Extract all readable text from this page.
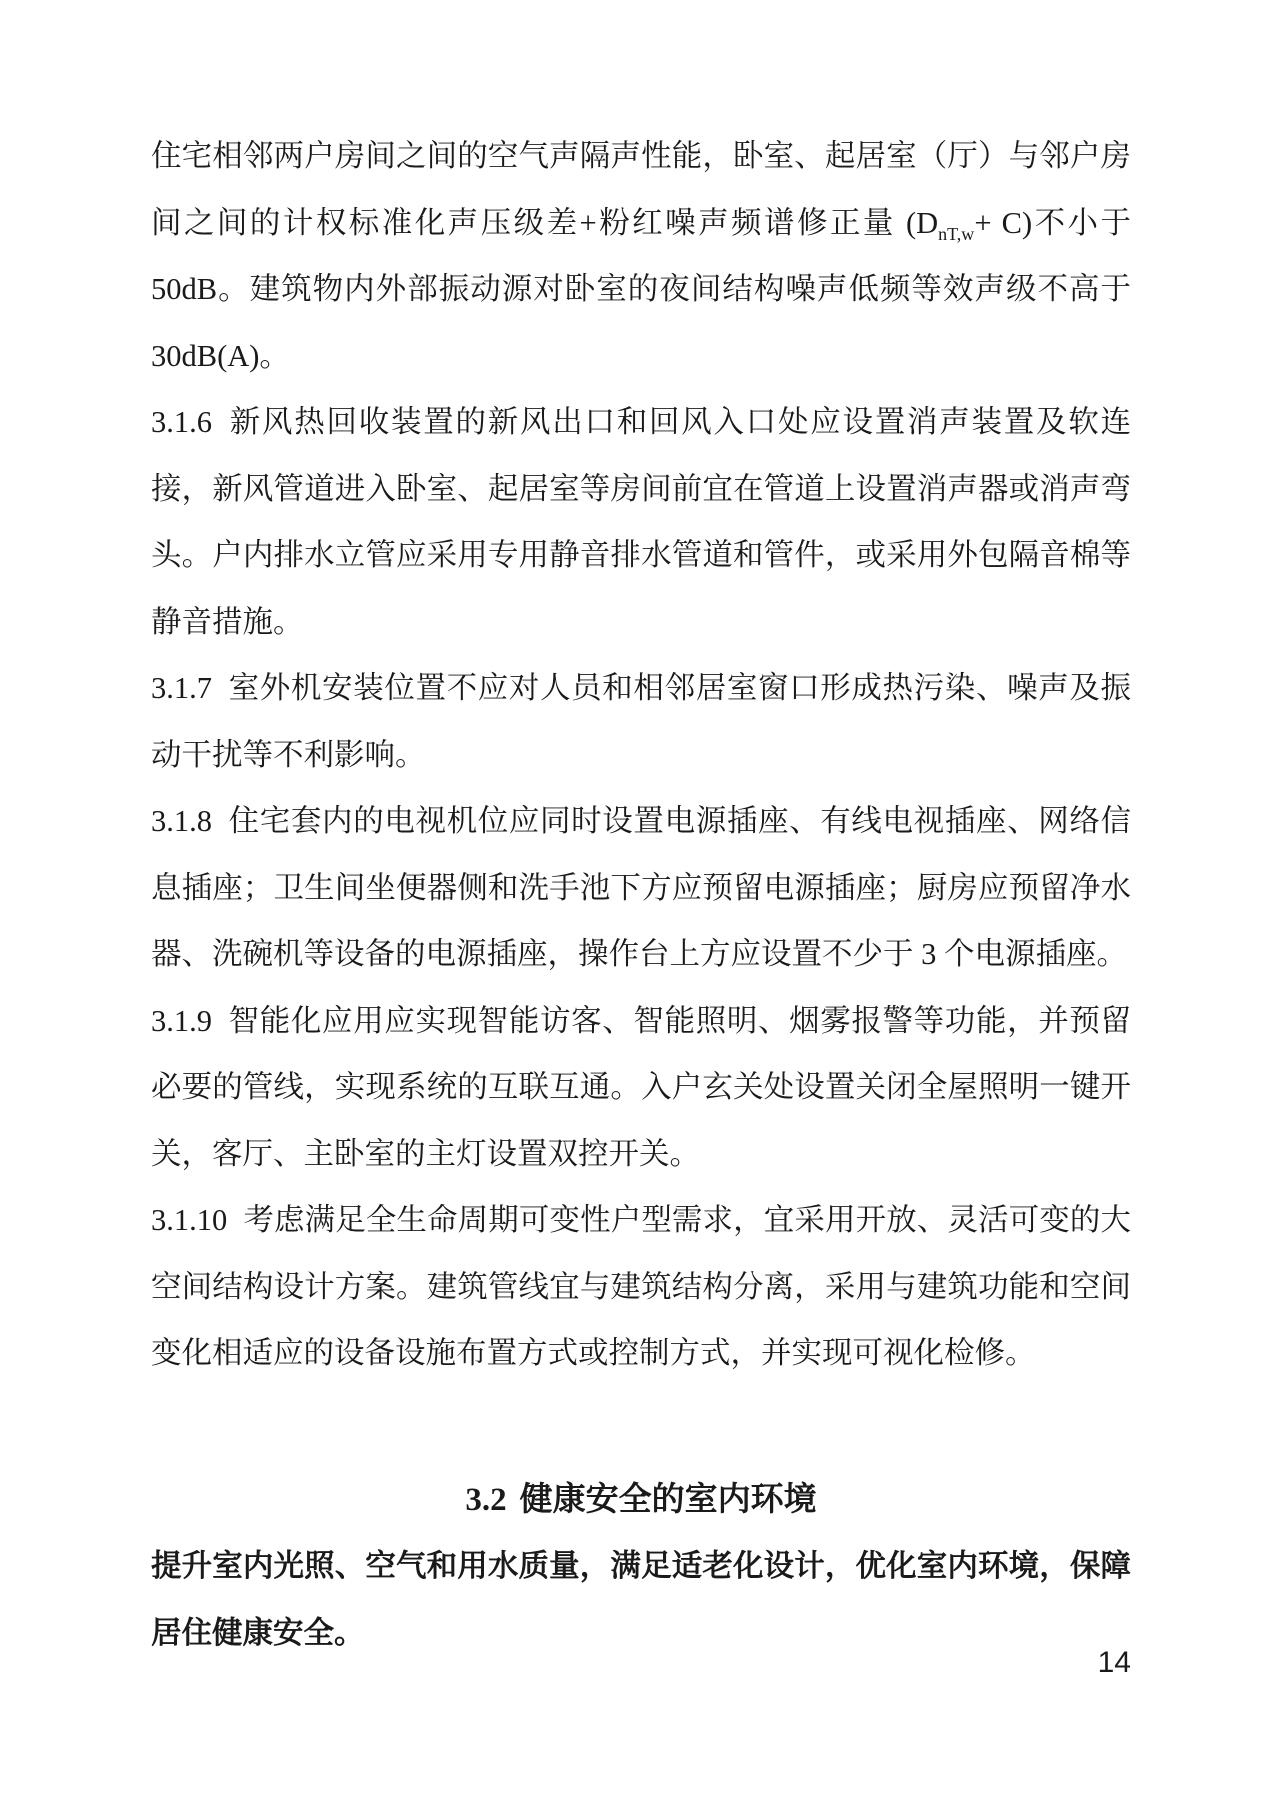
住宅相邻两户房间之间的空气声隔声性能，卧室、起居室（厅）与邻户房间之间的计权标准化声压级差+粉红噪声频谱修正量 $(D_{nT,w}+ C)$不小于50dB。建筑物内外部振动源对卧室的夜间结构噪声低频等效声级不高于 30dB(A)。

3.1.6 新风热回收装置的新风出口和回风入口处应设置消声装置及软连接，新风管道进入卧室、起居室等房间前宜在管道上设置消声器或消声弯头。户内排水立管应采用专用静音排水管道和管件，或采用外包隔音棉等静音措施。

3.1.7 室外机安装位置不应对人员和相邻居室窗口形成热污染、噪声及振动干扰等不利影响。

3.1.8 住宅套内的电视机位应同时设置电源插座、有线电视插座、网络信息插座；卫生间坐便器侧和洗手池下方应预留电源插座；厨房应预留净水器、洗碗机等设备的电源插座，操作台上方应设置不少于 3 个电源插座。

3.1.9 智能化应用应实现智能访客、智能照明、烟雾报警等功能，并预留必要的管线，实现系统的互联互通。入户玄关处设置关闭全屋照明一键开关，客厅、主卧室的主灯设置双控开关。

3.1.10 考虑满足全生命周期可变性户型需求，宜采用开放、灵活可变的大空间结构设计方案。建筑管线宜与建筑结构分离，采用与建筑功能和空间变化相适应的设备设施布置方式或控制方式，并实现可视化检修。

3.2 健康安全的室内环境

提升室内光照、空气和用水质量，满足适老化设计，优化室内环境，保障居住健康安全。

14
